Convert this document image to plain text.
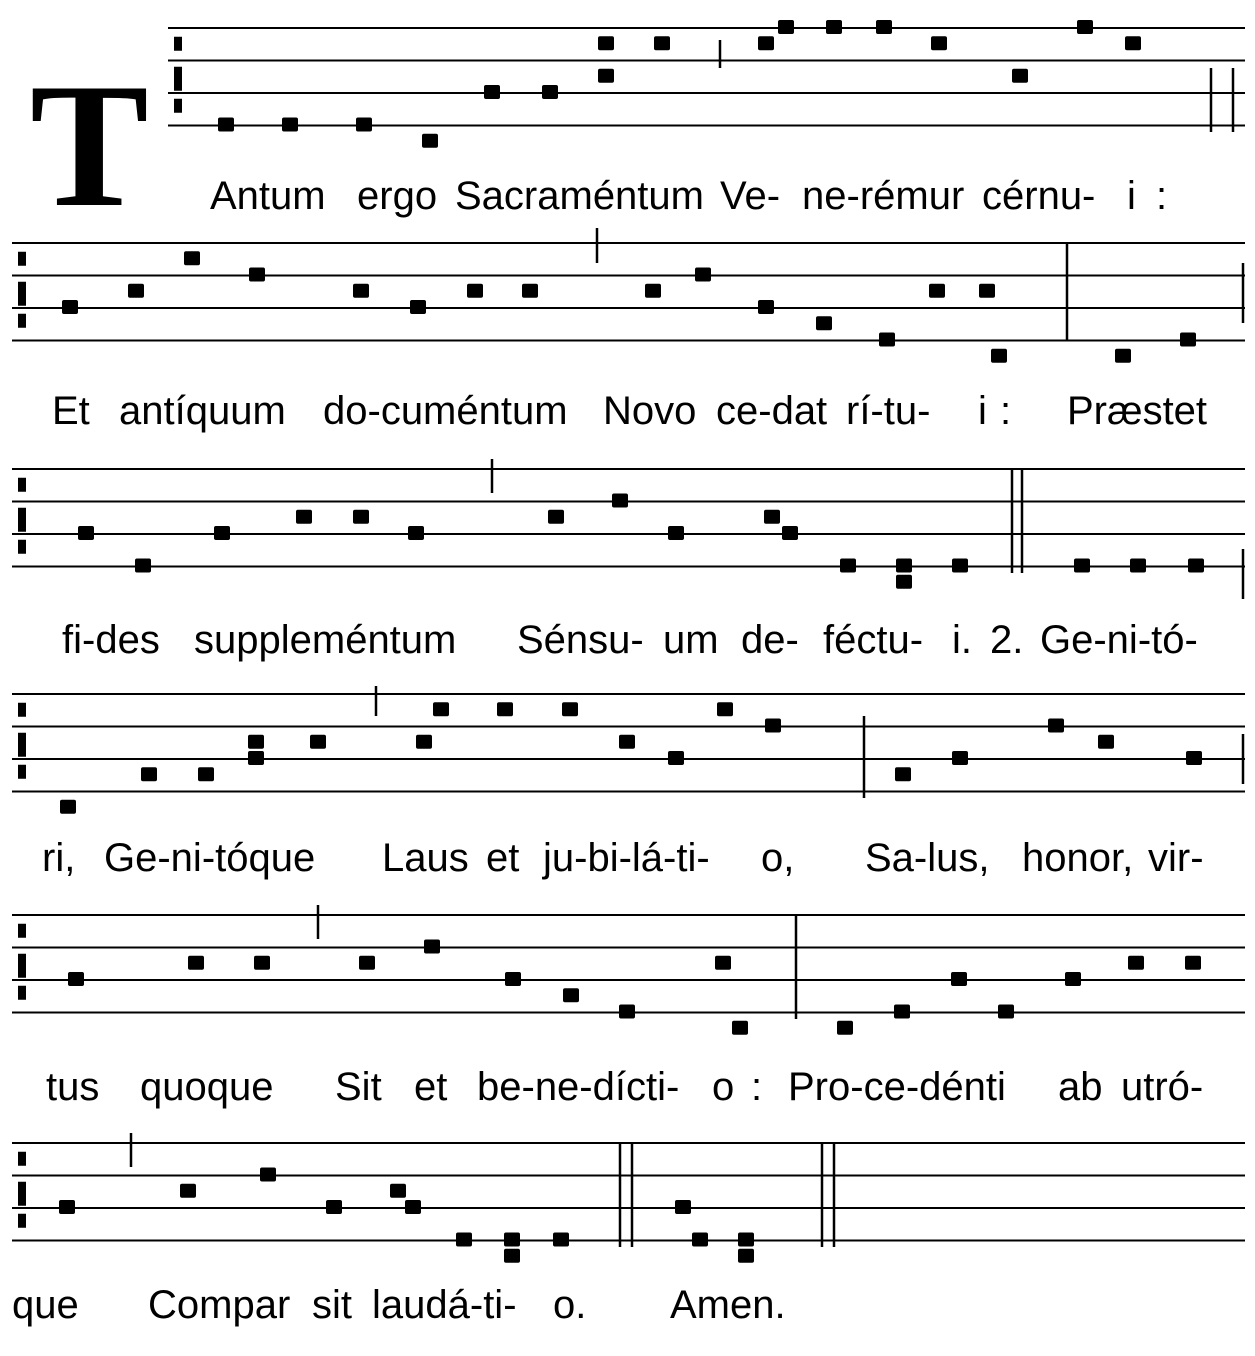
T Antum ergo Sacraméntum Ve- ne-rémur cérnu- i :
Et antíquum do-cuméntum Novo ce-dat rí-tu- i : Præstet
fi-des suppleméntum Sénsu- um de- féctu- i. 2. Ge-ni-tó-
ri, Ge-ni-tóque Laus et ju-bi-lá-ti- o, Sa-lus, honor, vir-
tus quoque Sit et be-ne-dícti- o : Pro-ce-dénti ab utró-
que Compar sit laudá-ti- o. Amen.
